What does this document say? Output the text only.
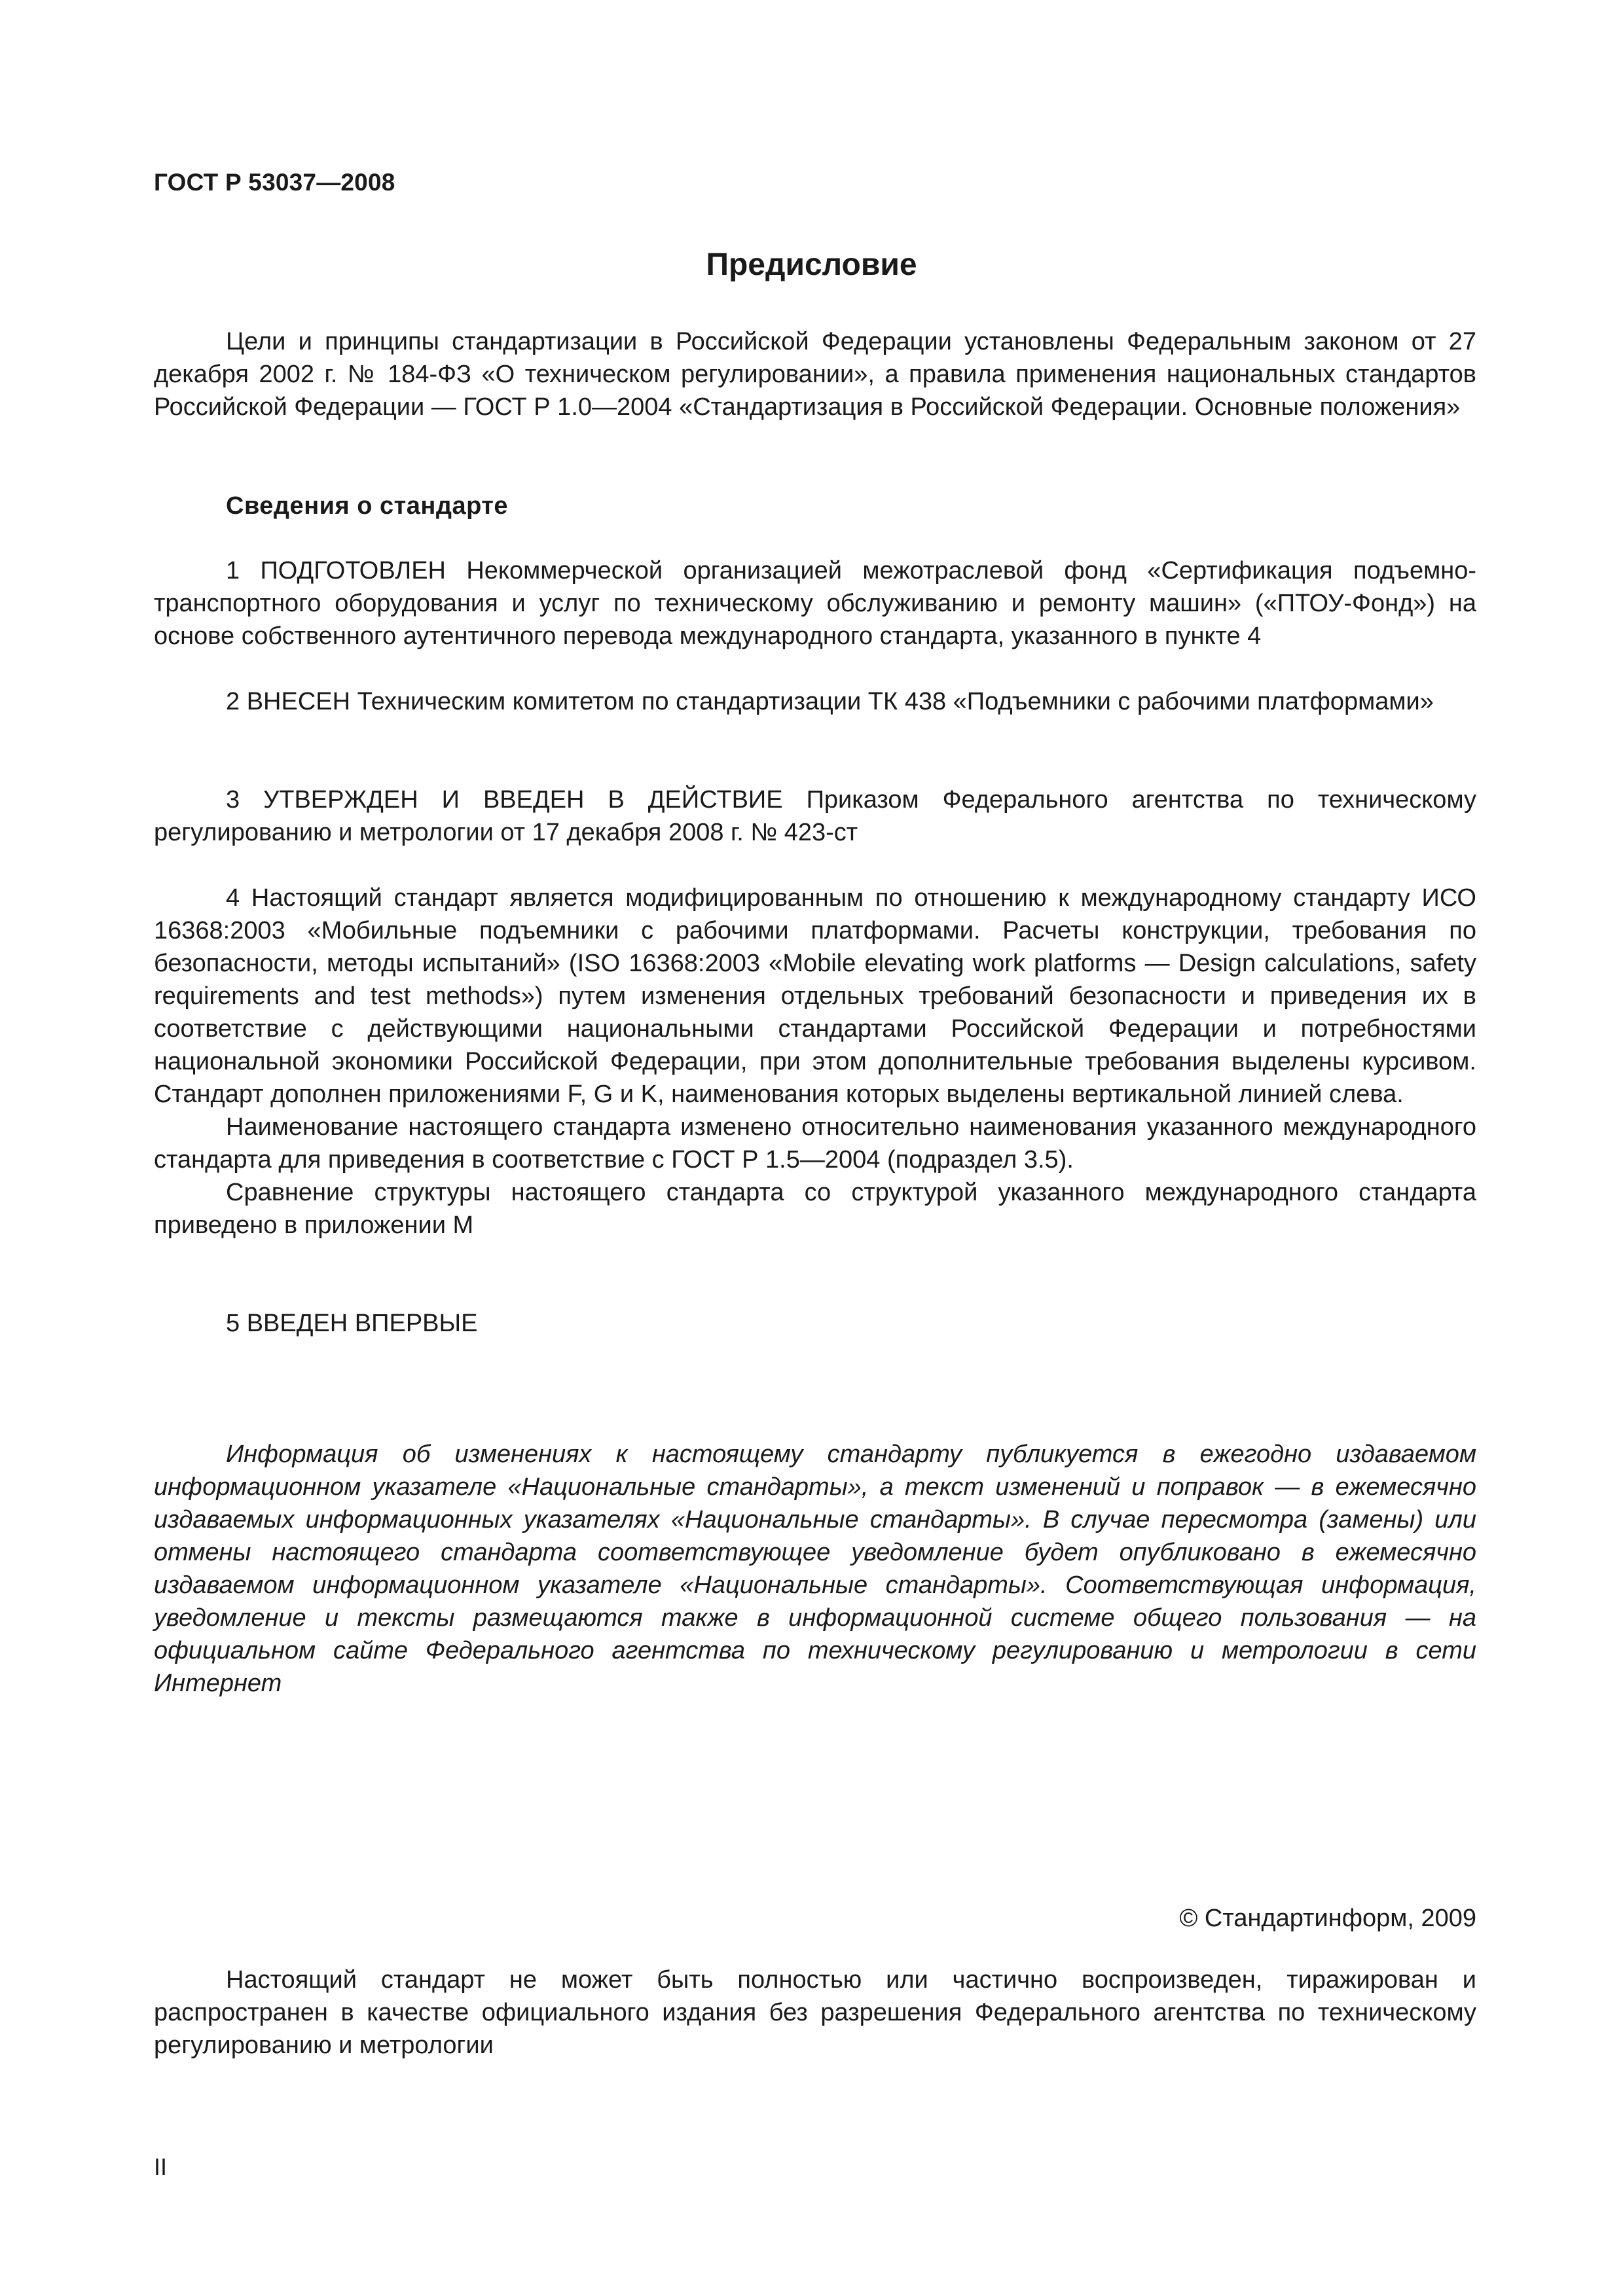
ГОСТ Р 53037—2008
Предисловие

Цели и принципы стандартизации в Российской Федерации установлены Федеральным законом от 27 декабря 2002 г. № 184-ФЗ «О техническом регулировании», а правила применения национальных стандартов Российской Федерации — ГОСТ Р 1.0—2004 «Стандартизация в Российской Федерации. Основные положения»

Сведения о стандарте

1 ПОДГОТОВЛЕН Некоммерческой организацией межотраслевой фонд «Сертификация подъемно-транспортного оборудования и услуг по техническому обслуживанию и ремонту машин» («ПТОУ-Фонд») на основе собственного аутентичного перевода международного стандарта, указанного в пункте 4

2 ВНЕСЕН Техническим комитетом по стандартизации ТК 438 «Подъемники с рабочими платформами»

3 УТВЕРЖДЕН И ВВЕДЕН В ДЕЙСТВИЕ Приказом Федерального агентства по техническому регулированию и метрологии от 17 декабря 2008 г. № 423-ст

4 Настоящий стандарт является модифицированным по отношению к международному стандарту ИСО 16368:2003 «Мобильные подъемники с рабочими платформами. Расчеты конструкции, требования по безопасности, методы испытаний» (ISO 16368:2003 «Mobile elevating work platforms — Design calculations, safety requirements and test methods») путем изменения отдельных требований безопасности и приведения их в соответствие с действующими национальными стандартами Российской Федерации и потребностями национальной экономики Российской Федерации, при этом дополнительные требования выделены курсивом. Стандарт дополнен приложениями F, G и K, наименования которых выделены вертикальной линией слева.

Наименование настоящего стандарта изменено относительно наименования указанного международного стандарта для приведения в соответствие с ГОСТ Р 1.5—2004 (подраздел 3.5).

Сравнение структуры настоящего стандарта со структурой указанного международного стандарта приведено в приложении М

5 ВВЕДЕН ВПЕРВЫЕ

Информация об изменениях к настоящему стандарту публикуется в ежегодно издаваемом информационном указателе «Национальные стандарты», а текст изменений и поправок — в ежемесячно издаваемых информационных указателях «Национальные стандарты». В случае пересмотра (замены) или отмены настоящего стандарта соответствующее уведомление будет опубликовано в ежемесячно издаваемом информационном указателе «Национальные стандарты». Соответствующая информация, уведомление и тексты размещаются также в информационной системе общего пользования — на официальном сайте Федерального агентства по техническому регулированию и метрологии в сети Интернет

© Стандартинформ, 2009

Настоящий стандарт не может быть полностью или частично воспроизведен, тиражирован и распространен в качестве официального издания без разрешения Федерального агентства по техническому регулированию и метрологии

II
